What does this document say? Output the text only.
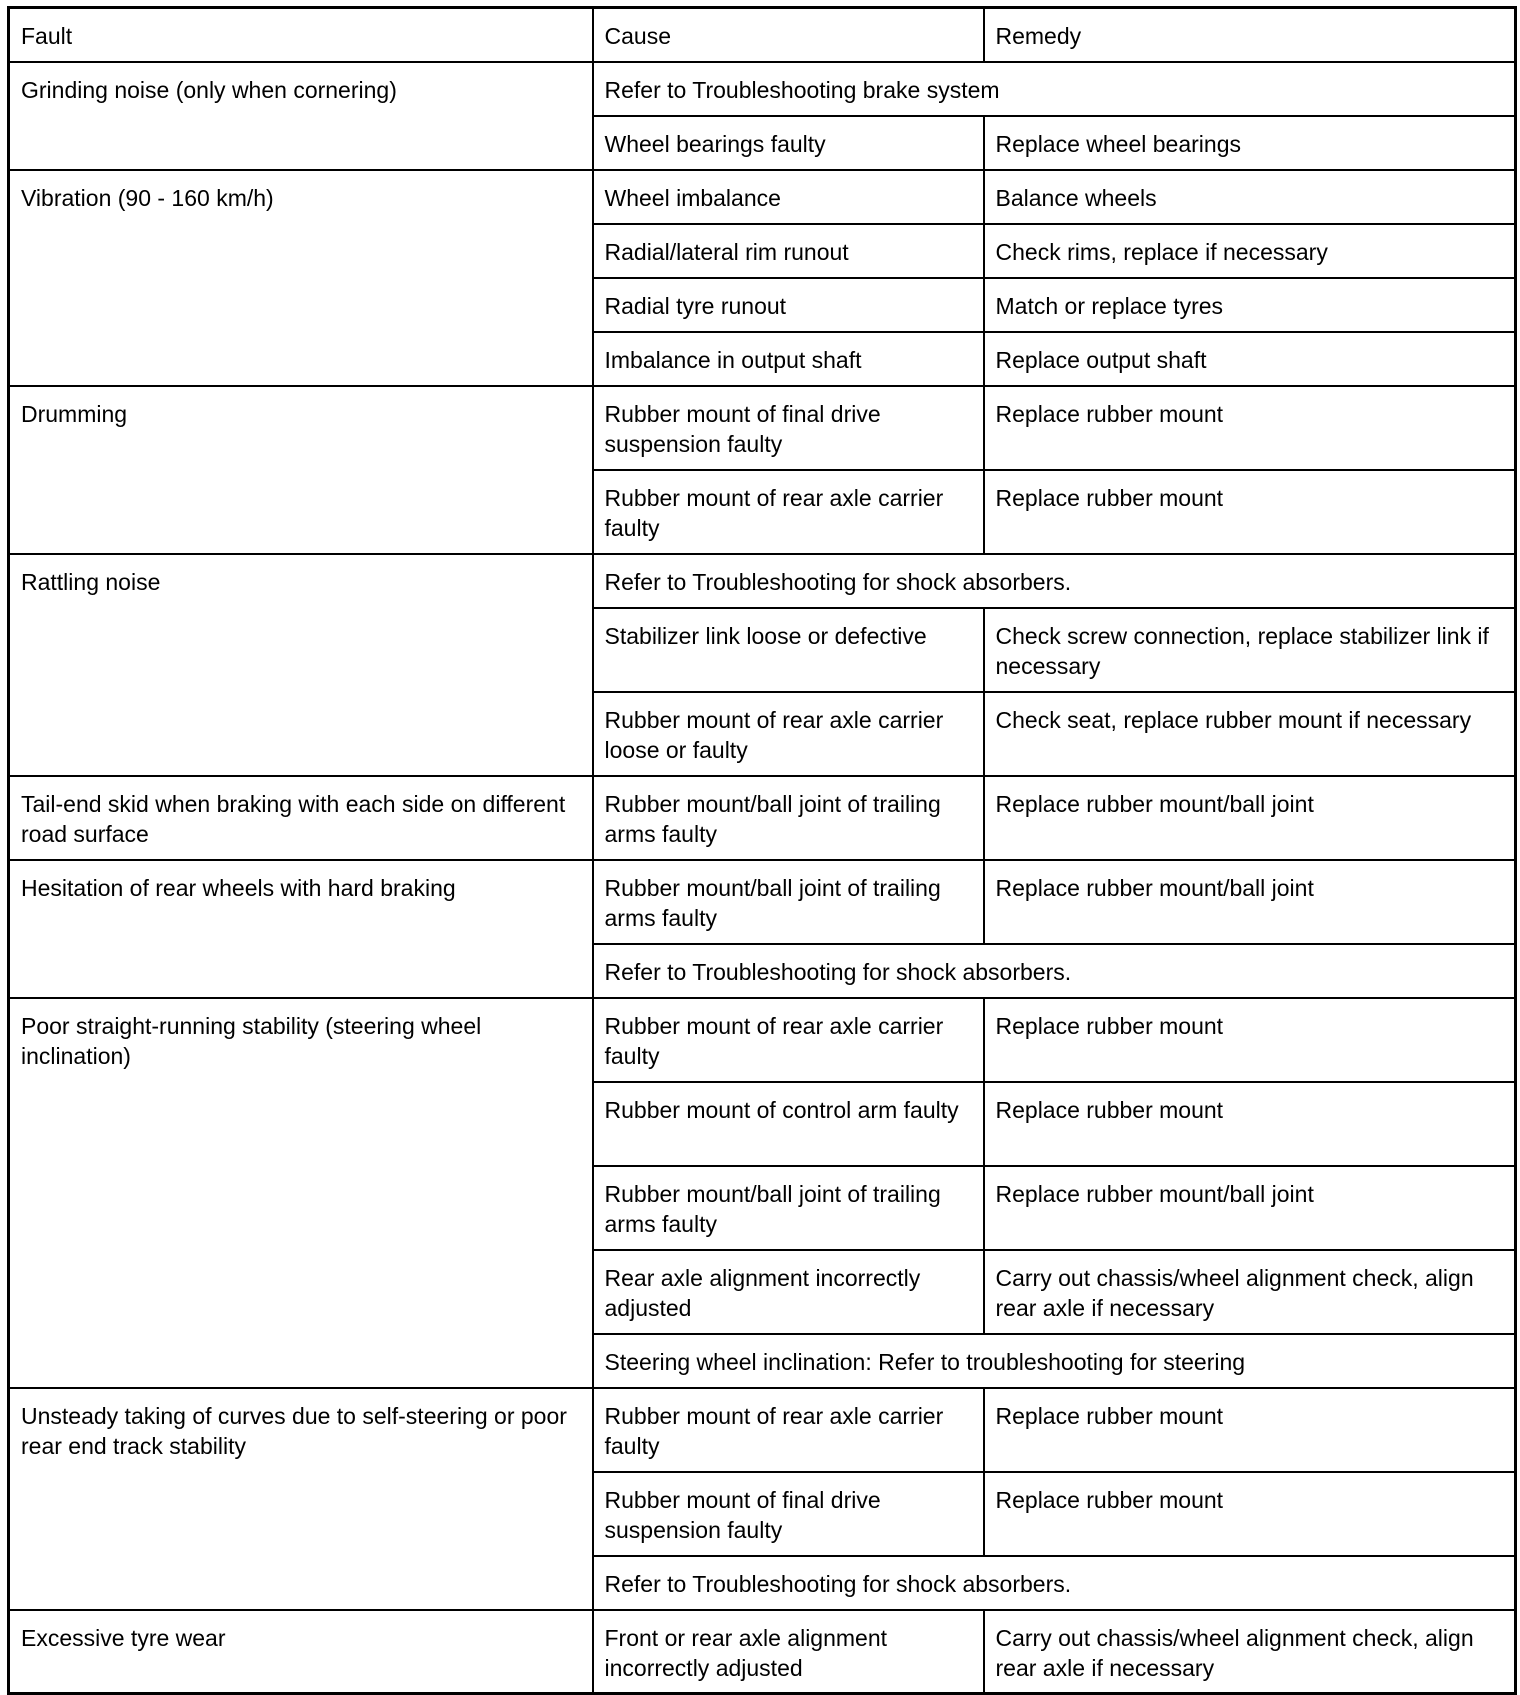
Fault	Cause	Remedy
Grinding noise (only when cornering)	Refer to Troubleshooting brake system	
	Wheel bearings faulty	Replace wheel bearings
Vibration (90 - 160 km/h)	Wheel imbalance	Balance wheels
	Radial/lateral rim runout	Check rims, replace if necessary
	Radial tyre runout	Match or replace tyres
	Imbalance in output shaft	Replace output shaft
Drumming	Rubber mount of final drive suspension faulty	Replace rubber mount
	Rubber mount of rear axle carrier faulty	Replace rubber mount
Rattling noise	Refer to Troubleshooting for shock absorbers.	
	Stabilizer link loose or defective	Check screw connection, replace stabilizer link if necessary
	Rubber mount of rear axle carrier loose or faulty	Check seat, replace rubber mount if necessary
Tail-end skid when braking with each side on different road surface	Rubber mount/ball joint of trailing arms faulty	Replace rubber mount/ball joint
Hesitation of rear wheels with hard braking	Rubber mount/ball joint of trailing arms faulty	Replace rubber mount/ball joint
	Refer to Troubleshooting for shock absorbers.	
Poor straight-running stability (steering wheel inclination)	Rubber mount of rear axle carrier faulty	Replace rubber mount
	Rubber mount of control arm faulty	Replace rubber mount
	Rubber mount/ball joint of trailing arms faulty	Replace rubber mount/ball joint
	Rear axle alignment incorrectly adjusted	Carry out chassis/wheel alignment check, align rear axle if necessary
	Steering wheel inclination: Refer to troubleshooting for steering	
Unsteady taking of curves due to self-steering or poor rear end track stability	Rubber mount of rear axle carrier faulty	Replace rubber mount
	Rubber mount of final drive suspension faulty	Replace rubber mount
	Refer to Troubleshooting for shock absorbers.	
Excessive tyre wear	Front or rear axle alignment incorrectly adjusted	Carry out chassis/wheel alignment check, align rear axle if necessary
